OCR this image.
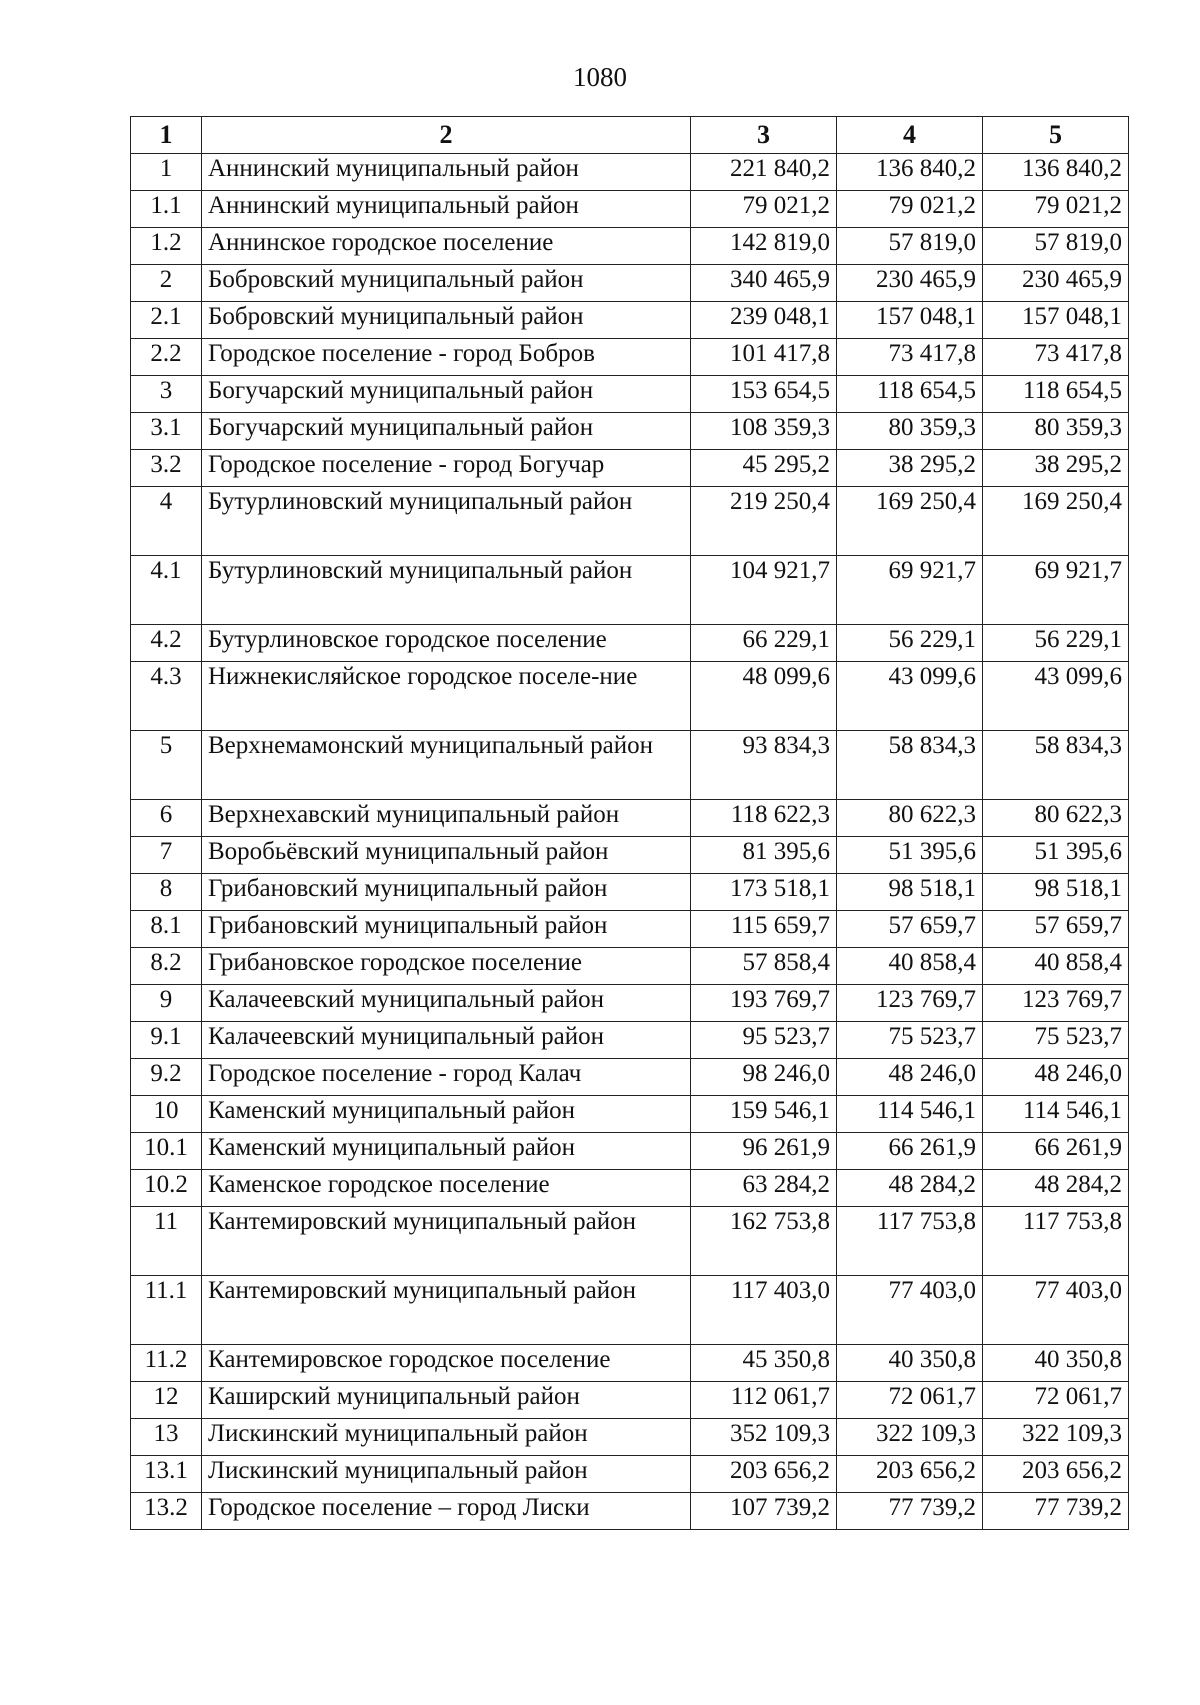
1080
1	2	3	4	5
1	Аннинский муниципальный район	221 840,2	136 840,2	136 840,2
1.1	Аннинский муниципальный район	79 021,2	79 021,2	79 021,2
1.2	Аннинское городское поселение	142 819,0	57 819,0	57 819,0
2	Бобровский муниципальный район	340 465,9	230 465,9	230 465,9
2.1	Бобровский муниципальный район	239 048,1	157 048,1	157 048,1
2.2	Городское поселение - город Бобров	101 417,8	73 417,8	73 417,8
3	Богучарский муниципальный район	153 654,5	118 654,5	118 654,5
3.1	Богучарский муниципальный район	108 359,3	80 359,3	80 359,3
3.2	Городское поселение - город Богучар	45 295,2	38 295,2	38 295,2
4	Бутурлиновский муниципальный район	219 250,4	169 250,4	169 250,4
4.1	Бутурлиновский муниципальный район	104 921,7	69 921,7	69 921,7
4.2	Бутурлиновское городское поселение	66 229,1	56 229,1	56 229,1
4.3	Нижнекисляйское городское поселе-ние	48 099,6	43 099,6	43 099,6
5	Верхнемамонский муниципальный район	93 834,3	58 834,3	58 834,3
6	Верхнехавский муниципальный район	118 622,3	80 622,3	80 622,3
7	Воробьёвский муниципальный район	81 395,6	51 395,6	51 395,6
8	Грибановский муниципальный район	173 518,1	98 518,1	98 518,1
8.1	Грибановский муниципальный район	115 659,7	57 659,7	57 659,7
8.2	Грибановское городское поселение	57 858,4	40 858,4	40 858,4
9	Калачеевский муниципальный район	193 769,7	123 769,7	123 769,7
9.1	Калачеевский муниципальный район	95 523,7	75 523,7	75 523,7
9.2	Городское поселение - город Калач	98 246,0	48 246,0	48 246,0
10	Каменский муниципальный район	159 546,1	114 546,1	114 546,1
10.1	Каменский муниципальный район	96 261,9	66 261,9	66 261,9
10.2	Каменское городское поселение	63 284,2	48 284,2	48 284,2
11	Кантемировский муниципальный район	162 753,8	117 753,8	117 753,8
11.1	Кантемировский муниципальный район	117 403,0	77 403,0	77 403,0
11.2	Кантемировское городское поселение	45 350,8	40 350,8	40 350,8
12	Каширский муниципальный район	112 061,7	72 061,7	72 061,7
13	Лискинский муниципальный район	352 109,3	322 109,3	322 109,3
13.1	Лискинский муниципальный район	203 656,2	203 656,2	203 656,2
13.2	Городское поселение – город Лиски	107 739,2	77 739,2	77 739,2
